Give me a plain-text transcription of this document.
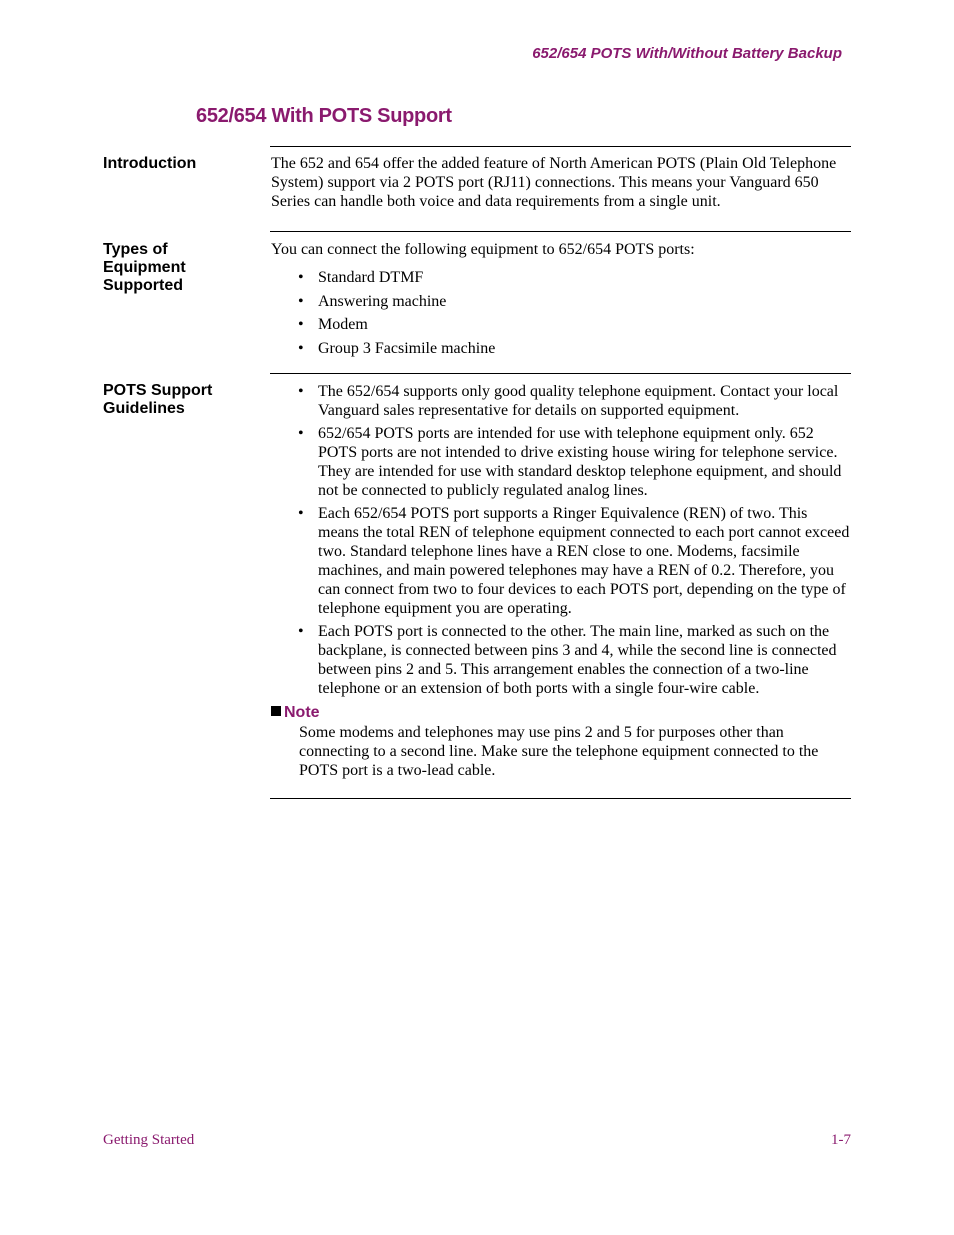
652/654 POTS With/Without Battery Backup
652/654 With POTS Support
Introduction	The 652 and 654 offer the added feature of North American POTS (Plain Old Telephone System) support via 2 POTS port (RJ11) connections. This means your Vanguard 650 Series can handle both voice and data requirements from a single unit.
Types of Equipment Supported
You can connect the following equipment to 652/654 POTS ports:
• Standard DTMF
• Answering machine
• Modem
• Group 3 Facsimile machine
POTS Support Guidelines
• The 652/654 supports only good quality telephone equipment. Contact your local Vanguard sales representative for details on supported equipment.
• 652/654 POTS ports are intended for use with telephone equipment only. 652 POTS ports are not intended to drive existing house wiring for telephone service. They are intended for use with standard desktop telephone equipment, and should not be connected to publicly regulated analog lines.
• Each 652/654 POTS port supports a Ringer Equivalence (REN) of two. This means the total REN of telephone equipment connected to each port cannot exceed two. Standard telephone lines have a REN close to one. Modems, facsimile machines, and main powered telephones may have a REN of 0.2. Therefore, you can connect from two to four devices to each POTS port, depending on the type of telephone equipment you are operating.
• Each POTS port is connected to the other. The main line, marked as such on the backplane, is connected between pins 3 and 4, while the second line is connected between pins 2 and 5. This arrangement enables the connection of a two-line telephone or an extension of both ports with a single four-wire cable.
Note
Some modems and telephones may use pins 2 and 5 for purposes other than connecting to a second line. Make sure the telephone equipment connected to the POTS port is a two-lead cable.
Getting Started	1-7
